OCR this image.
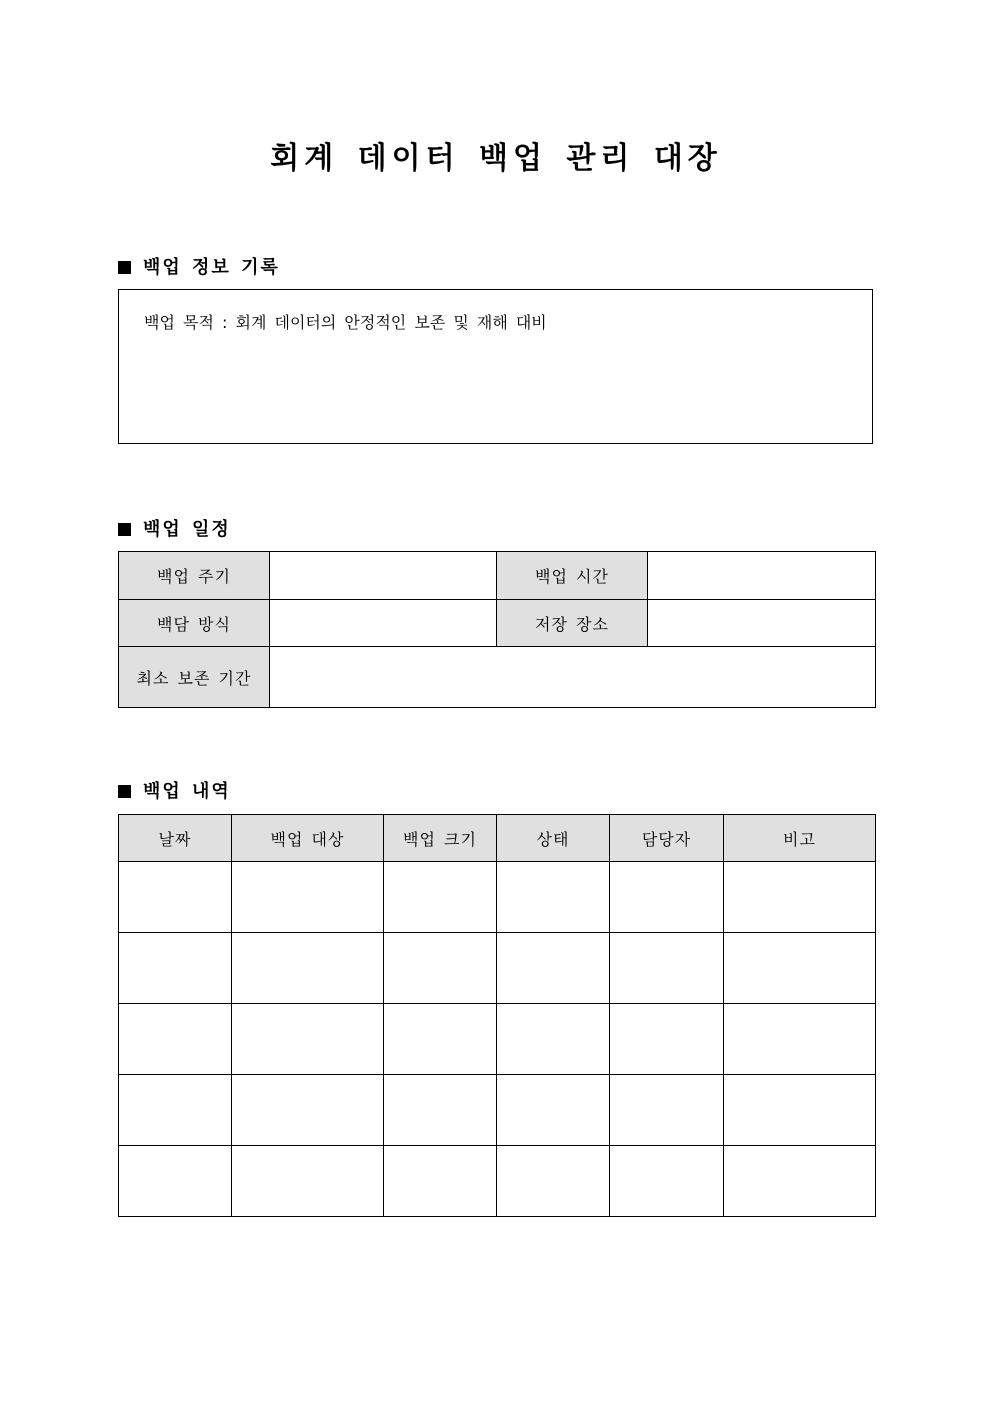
회계 데이터 백업 관리 대장
백업 정보 기록
백업 목적 : 회계 데이터의 안정적인 보존 및 재해 대비
백업 일정
백업 주기		백업 시간	
백담 방식		저장 장소	
최소 보존 기간			
백업 내역
날짜	백업 대상	백업 크기	상태	담당자	비고
